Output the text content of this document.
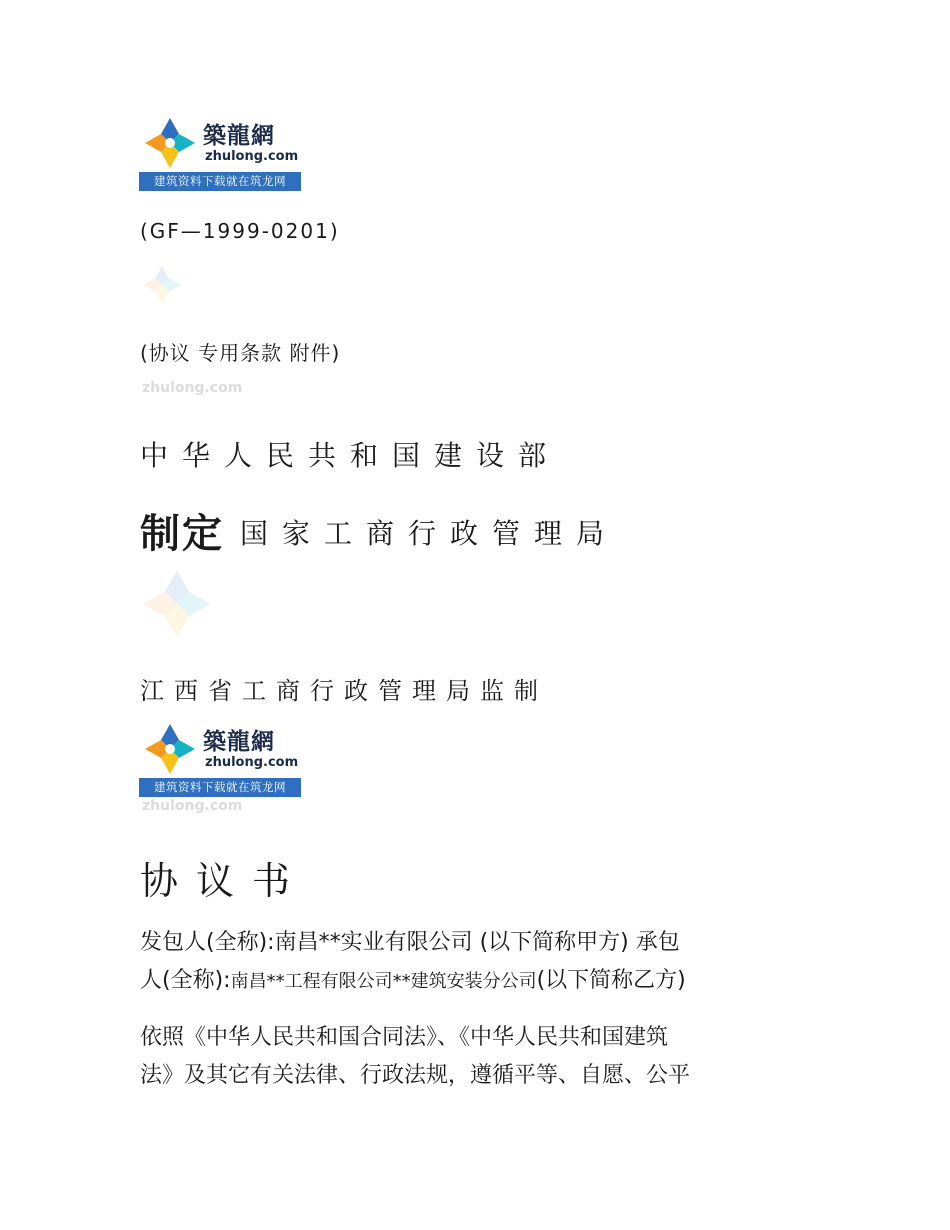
築龍網
zhulong.com
建筑资料下载就在筑龙网
(GF—1999-0201)
(协议 专用条款 附件)
zhulong.com
中华人民共和国建设部
制定 国家工商行政管理局
江西省工商行政管理局监制
築龍網
zhulong.com
建筑资料下载就在筑龙网
zhulong.com
协议书
发包人(全称):南昌**实业有限公司 (以下简称甲方) 承包
人(全称):南昌**工程有限公司**建筑安装分公司(以下简称乙方)
依照《中华人民共和国合同法》、《中华人民共和国建筑
法》及其它有关法律、行政法规，遵循平等、自愿、公平
